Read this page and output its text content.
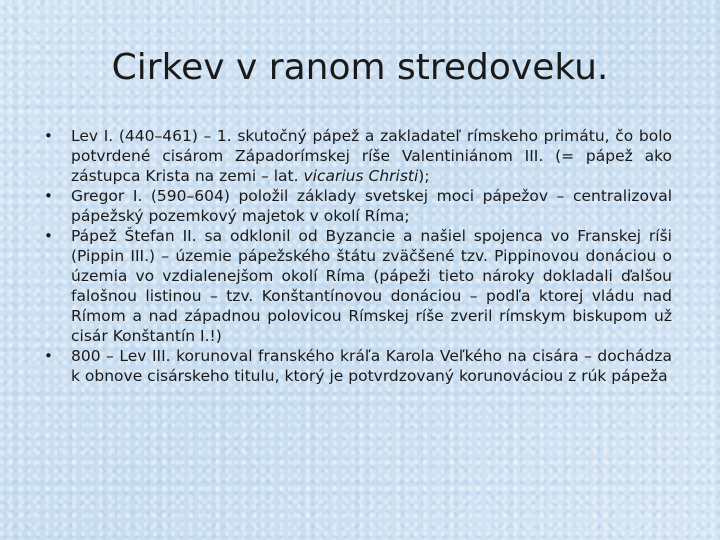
Cirkev v ranom stredoveku.
•	Lev I. (440–461) – 1. skutočný pápež a zakladateľ rímskeho primátu, čo bolo potvrdené cisárom Západorímskej ríše Valentiniánom III. (= pápež ako zástupca Krista na zemi – lat. vicarius Christi);
•	Gregor I. (590–604) položil základy svetskej moci pápežov – centralizoval pápežský pozemkový majetok v okolí Ríma;
•	Pápež Štefan II. sa odklonil od Byzancie a našiel spojenca vo Franskej ríši (Pippin III.) – územie pápežského štátu zväčšené tzv. Pippinovou donáciou o územia vo vzdialenejšom okolí Ríma (pápeži tieto nároky dokladali ďalšou falošnou listinou – tzv. Konštantínovou donáciou – podľa ktorej vládu nad Rímom a nad západnou polovicou Rímskej ríše zveril rímskym biskupom už cisár Konštantín I.!)
•	800 – Lev III. korunoval franského kráľa Karola Veľkého na cisára – dochádza k obnove cisárskeho titulu, ktorý je potvrdzovaný korunováciou z rúk pápeža
